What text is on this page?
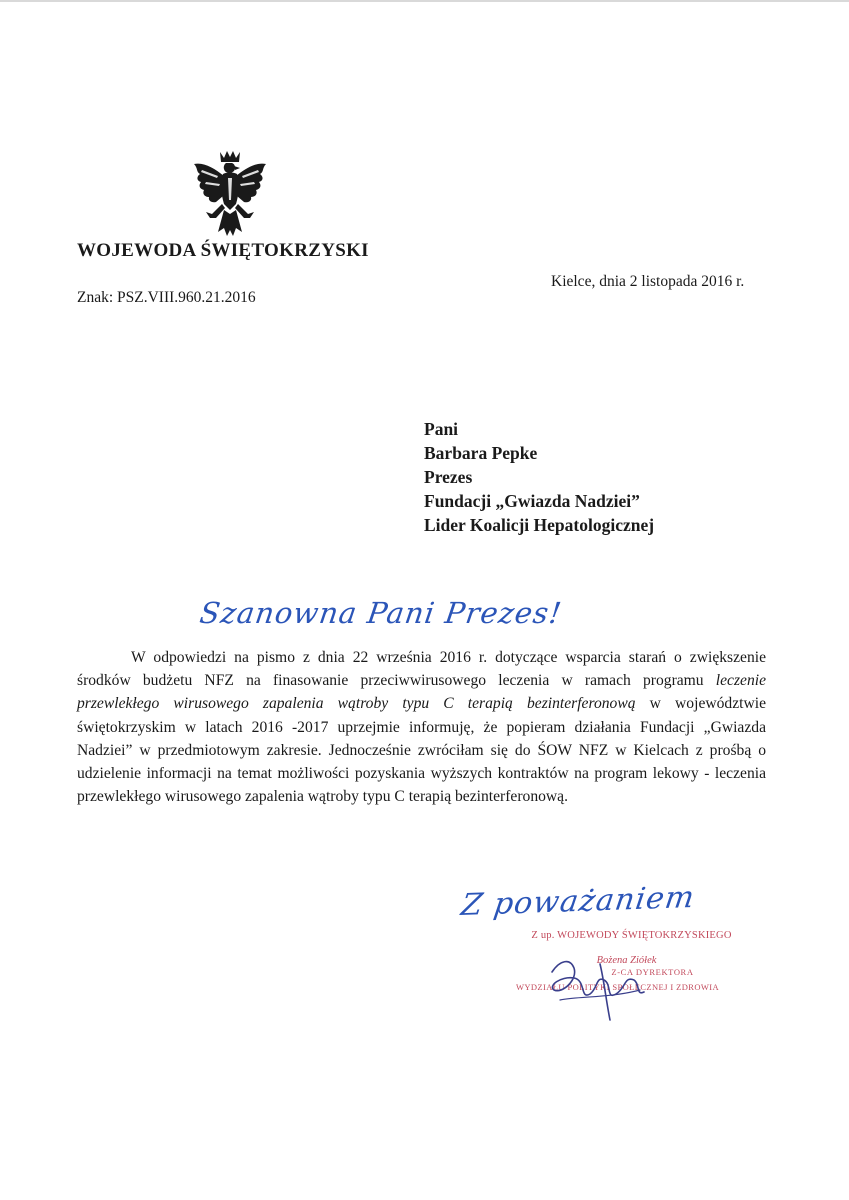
WOJEWODA ŚWIĘTOKRZYSKI
Znak: PSZ.VIII.960.21.2016
Kielce, dnia 2 listopada 2016 r.
Pani
Barbara Pepke
Prezes
Fundacji „Gwiazda Nadziei”
Lider Koalicji Hepatologicznej
Szanowna Pani Prezes!
W odpowiedzi na pismo z dnia 22 września 2016 r. dotyczące wsparcia starań o zwiększenie środków budżetu NFZ na finasowanie przeciwwirusowego leczenia w ramach programu leczenie przewlekłego wirusowego zapalenia wątroby typu C terapią bezinterferonową w województwie świętokrzyskim w latach 2016 -2017 uprzejmie informuję, że popieram działania Fundacji „Gwiazda Nadziei” w przedmiotowym zakresie. Jednocześnie zwróciłam się do ŚOW NFZ w Kielcach z prośbą o udzielenie informacji na temat możliwości pozyskania wyższych kontraktów na program lekowy - leczenia przewlekłego wirusowego zapalenia wątroby typu C terapią bezinterferonową.
Z poważaniem
Z up. WOJEWODY ŚWIĘTOKRZYSKIEGO
Bożena Ziółek
Z-CA DYREKTORA
WYDZIAŁU POLITYKI SPOŁECZNEJ I ZDROWIA
